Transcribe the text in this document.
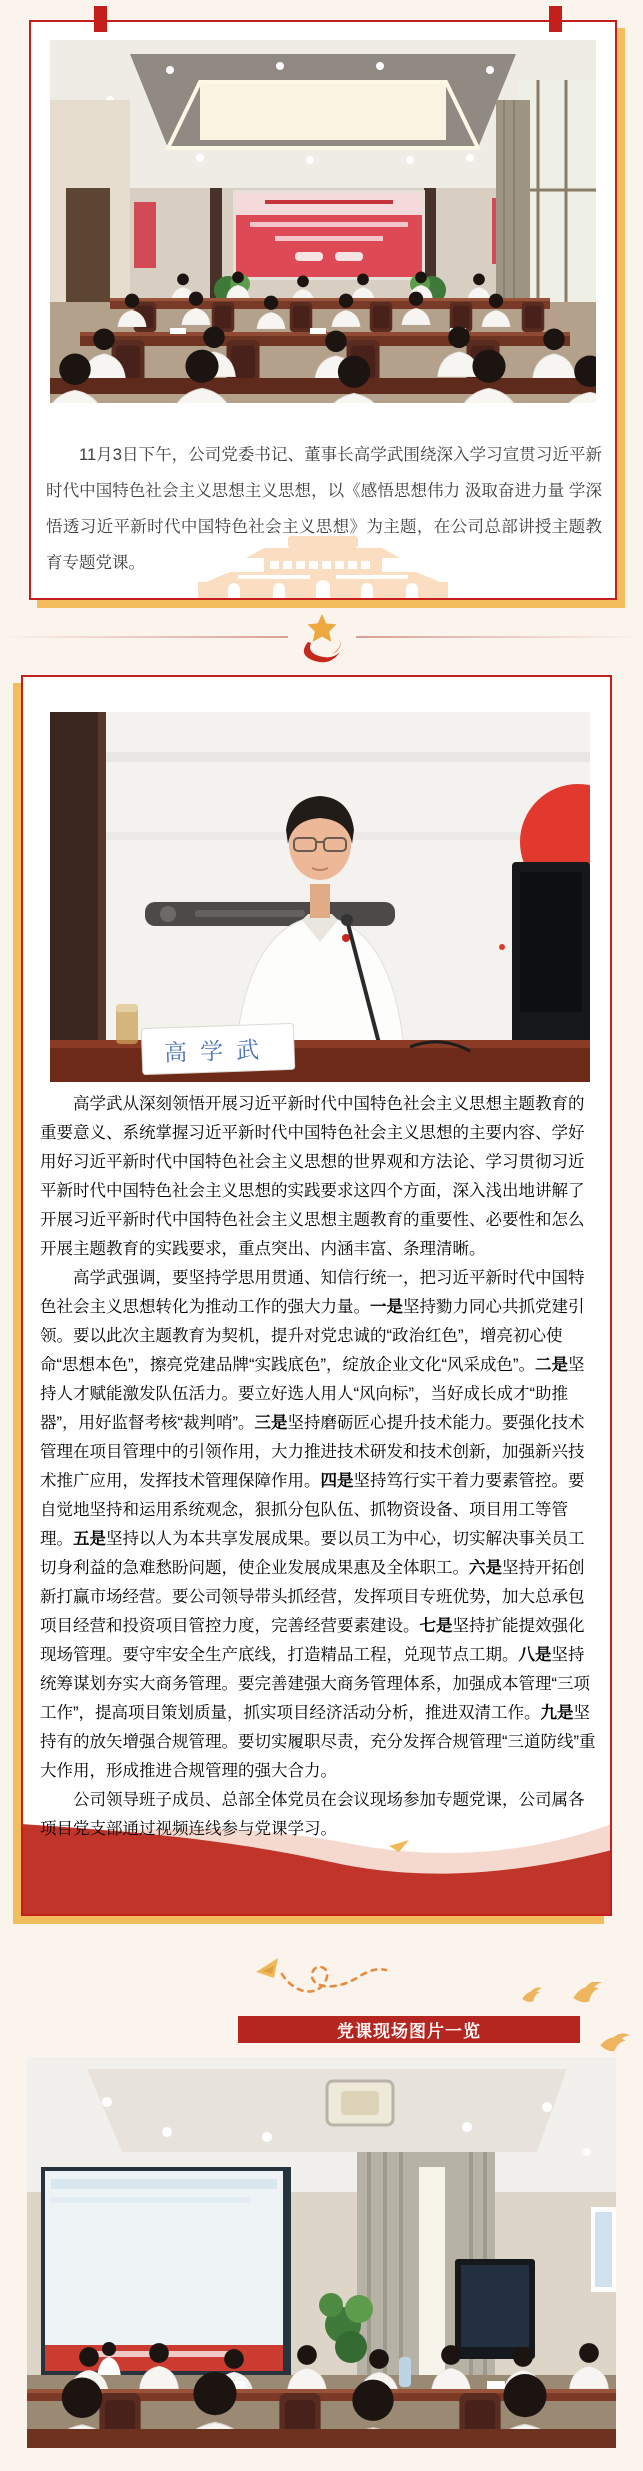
11月3日下午，公司党委书记、董事长高学武围绕深入学习宣贯习近平新时代中国特色社会主义思想主义思想，以《感悟思想伟力 汲取奋进力量 学深悟透习近平新时代中国特色社会主义思想》为主题，在公司总部讲授主题教育专题党课。

高学武

高学武从深刻领悟开展习近平新时代中国特色社会主义思想主题教育的重要意义、系统掌握习近平新时代中国特色社会主义思想的主要内容、学好用好习近平新时代中国特色社会主义思想的世界观和方法论、学习贯彻习近平新时代中国特色社会主义思想的实践要求这四个方面，深入浅出地讲解了开展习近平新时代中国特色社会主义思想主题教育的重要性、必要性和怎么开展主题教育的实践要求，重点突出、内涵丰富、条理清晰。

高学武强调，要坚持学思用贯通、知信行统一，把习近平新时代中国特色社会主义思想转化为推动工作的强大力量。一是坚持勠力同心共抓党建引领。要以此次主题教育为契机，提升对党忠诚的“政治红色”，增亮初心使命“思想本色”，擦亮党建品牌“实践底色”，绽放企业文化“风采成色”。二是坚持人才赋能激发队伍活力。要立好选人用人“风向标”，当好成长成才“助推器”，用好监督考核“裁判哨”。三是坚持磨砺匠心提升技术能力。要强化技术管理在项目管理中的引领作用，大力推进技术研发和技术创新，加强新兴技术推广应用，发挥技术管理保障作用。四是坚持笃行实干着力要素管控。要自觉地坚持和运用系统观念，狠抓分包队伍、抓物资设备、项目用工等管理。五是坚持以人为本共享发展成果。要以员工为中心，切实解决事关员工切身利益的急难愁盼问题，使企业发展成果惠及全体职工。六是坚持开拓创新打赢市场经营。要公司领导带头抓经营，发挥项目专班优势，加大总承包项目经营和投资项目管控力度，完善经营要素建设。七是坚持扩能提效强化现场管理。要守牢安全生产底线，打造精品工程，兑现节点工期。八是坚持统筹谋划夯实大商务管理。要完善建强大商务管理体系，加强成本管理“三项工作”，提高项目策划质量，抓实项目经济活动分析，推进双清工作。九是坚持有的放矢增强合规管理。要切实履职尽责，充分发挥合规管理“三道防线”重大作用，形成推进合规管理的强大合力。

公司领导班子成员、总部全体党员在会议现场参加专题党课，公司属各项目党支部通过视频连线参与党课学习。

党课现场图片一览
